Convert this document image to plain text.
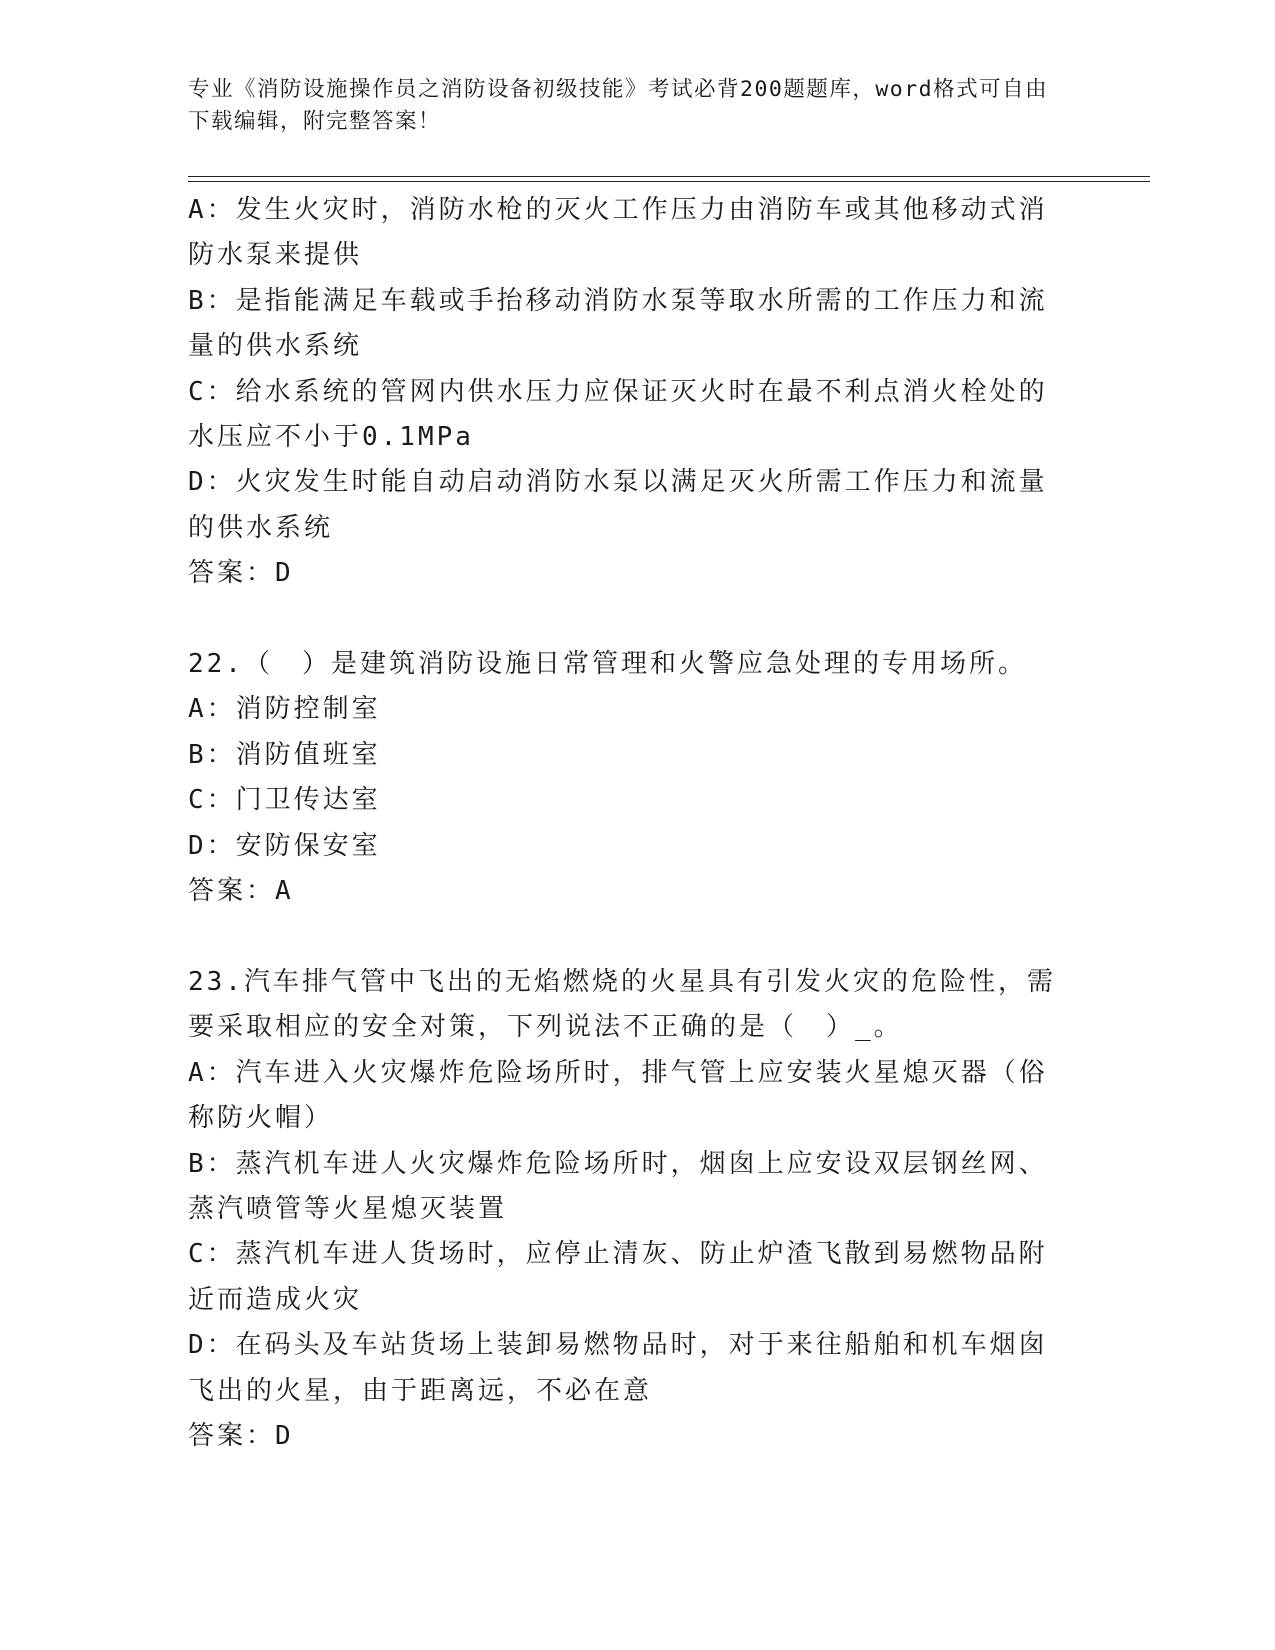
专业《消防设施操作员之消防设备初级技能》考试必背200题题库，word格式可自由下载编辑，附完整答案！

A：发生火灾时，消防水枪的灭火工作压力由消防车或其他移动式消防水泵来提供

B：是指能满足车载或手抬移动消防水泵等取水所需的工作压力和流量的供水系统

C：给水系统的管网内供水压力应保证灭火时在最不利点消火栓处的水压应不小于0.1MPa

D：火灾发生时能自动启动消防水泵以满足灭火所需工作压力和流量的供水系统

答案：D

22.（　）是建筑消防设施日常管理和火警应急处理的专用场所。

A：消防控制室

B：消防值班室

C：门卫传达室

D：安防保安室

答案：A

23.汽车排气管中飞出的无焰燃烧的火星具有引发火灾的危险性，需要采取相应的安全对策，下列说法不正确的是（　）_。

A：汽车进入火灾爆炸危险场所时，排气管上应安装火星熄灭器（俗称防火帽）

B：蒸汽机车进人火灾爆炸危险场所时，烟囱上应安设双层钢丝网、蒸汽喷管等火星熄灭装置

C：蒸汽机车进人货场时，应停止清灰、防止炉渣飞散到易燃物品附近而造成火灾

D：在码头及车站货场上装卸易燃物品时，对于来往船舶和机车烟囱飞出的火星，由于距离远，不必在意

答案：D
